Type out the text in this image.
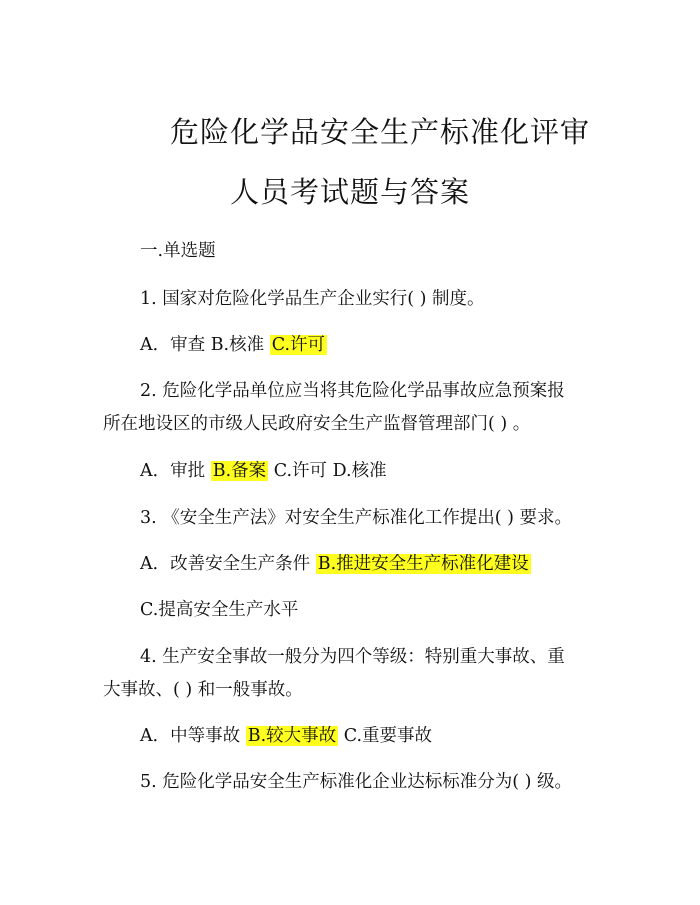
危险化学品安全生产标准化评审
人员考试题与答案
一.单选题
1. 国家对危险化学品生产企业实行( ) 制度。
A．审查 B.核准 C.许可
2. 危险化学品单位应当将其危险化学品事故应急预案报
所在地设区的市级人民政府安全生产监督管理部门( ) 。
A．审批 B.备案 C.许可 D.核准
3. 《安全生产法》对安全生产标准化工作提出( ) 要求。
A．改善安全生产条件 B.推进安全生产标准化建设
C.提高安全生产水平
4. 生产安全事故一般分为四个等级：特别重大事故、重
大事故、( ) 和一般事故。
A．中等事故 B.较大事故 C.重要事故
5. 危险化学品安全生产标准化企业达标标准分为( ) 级。
